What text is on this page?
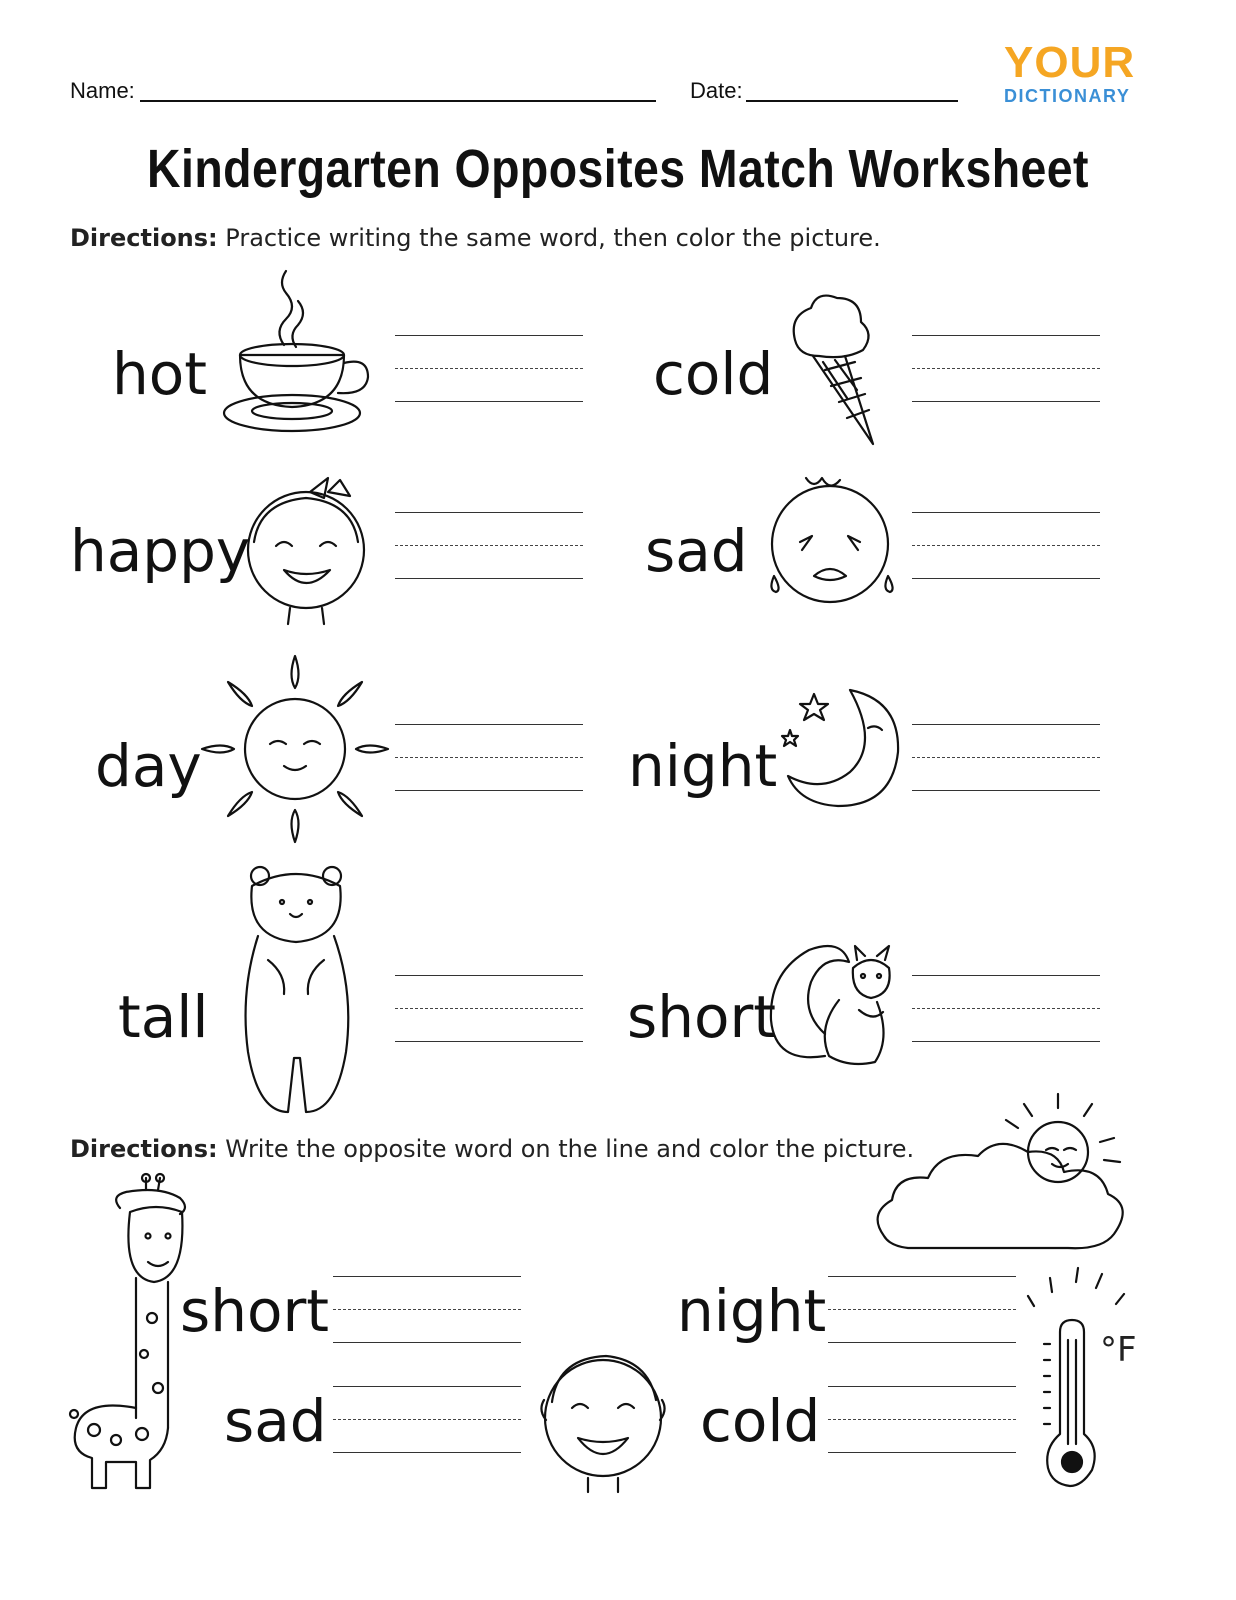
Name:	Date:
YOUR
DICTIONARY
Kindergarten Opposites Match Worksheet
Directions: Practice writing the same word, then color the picture.
hot	cold
happy	sad
day	night
tall	short
Directions: Write the opposite word on the line and color the picture.
short
sad
night
cold
°F
